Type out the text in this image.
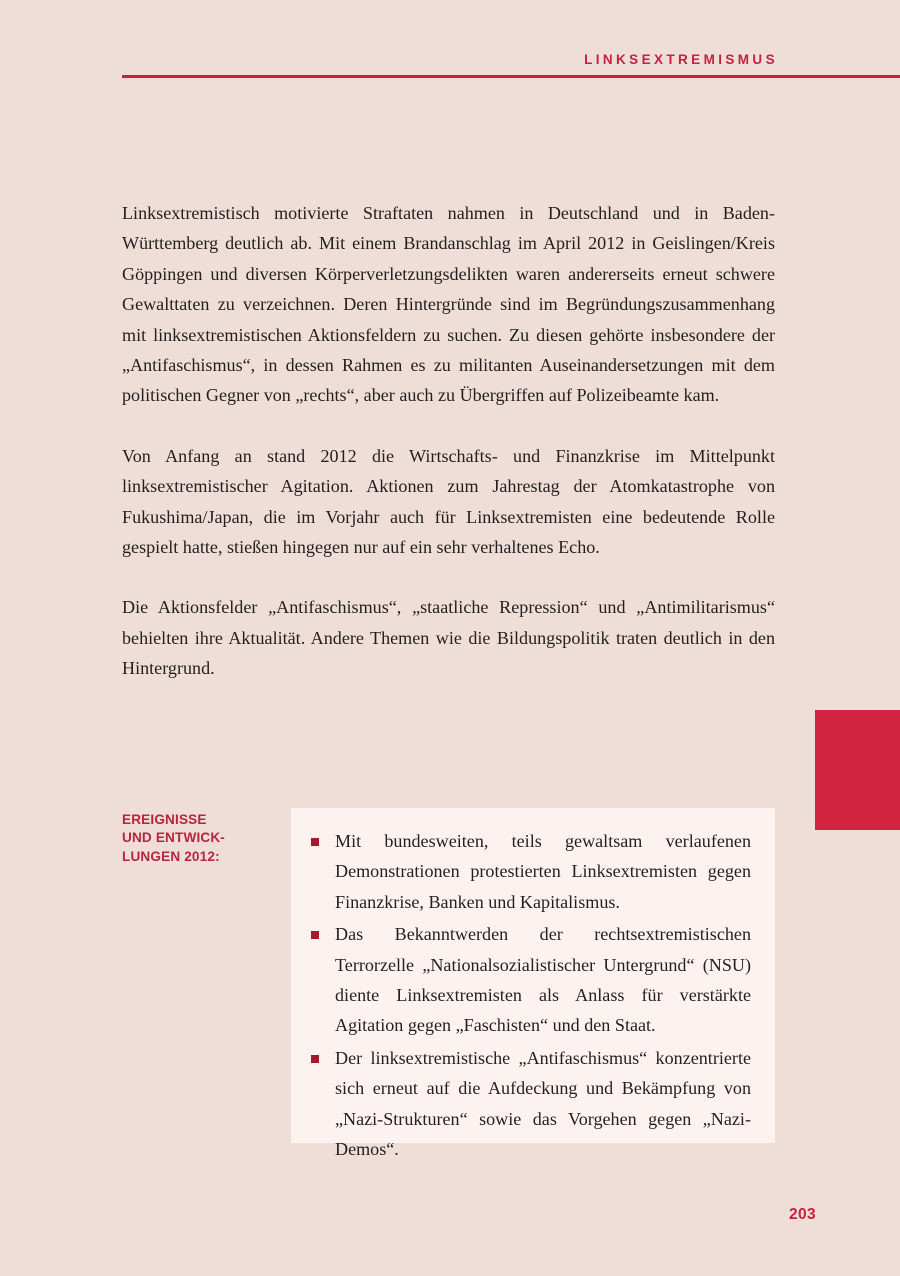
LINKSEXTREMISMUS

Linksextremistisch motivierte Straftaten nahmen in Deutschland und in Baden-Württemberg deutlich ab. Mit einem Brandanschlag im April 2012 in Geislingen/Kreis Göppingen und diversen Körperverletzungsdelikten waren andererseits erneut schwere Gewalttaten zu verzeichnen. Deren Hintergründe sind im Begründungszusammenhang mit linksextremistischen Aktionsfeldern zu suchen. Zu diesen gehörte insbesondere der „Antifaschismus“, in dessen Rahmen es zu militanten Auseinandersetzungen mit dem politischen Gegner von „rechts“, aber auch zu Übergriffen auf Polizeibeamte kam.

Von Anfang an stand 2012 die Wirtschafts- und Finanzkrise im Mittelpunkt linksextremistischer Agitation. Aktionen zum Jahrestag der Atomkatastrophe von Fukushima/Japan, die im Vorjahr auch für Linksextremisten eine bedeutende Rolle gespielt hatte, stießen hingegen nur auf ein sehr verhaltenes Echo.

Die Aktionsfelder „Antifaschismus“, „staatliche Repression“ und „Antimilitarismus“ behielten ihre Aktualität. Andere Themen wie die Bildungspolitik traten deutlich in den Hintergrund.

EREIGNISSE
UND ENTWICK-
LUNGEN 2012:
Mit bundesweiten, teils gewaltsam verlaufenen Demonstrationen protestierten Linksextremisten gegen Finanzkrise, Banken und Kapitalismus.
Das Bekanntwerden der rechtsextremistischen Terrorzelle „Nationalsozialistischer Untergrund“ (NSU) diente Linksextremisten als Anlass für verstärkte Agitation gegen „Faschisten“ und den Staat.
Der linksextremistische „Antifaschismus“ konzentrierte sich erneut auf die Aufdeckung und Bekämpfung von „Nazi-Strukturen“ sowie das Vorgehen gegen „Nazi-Demos“.
203
